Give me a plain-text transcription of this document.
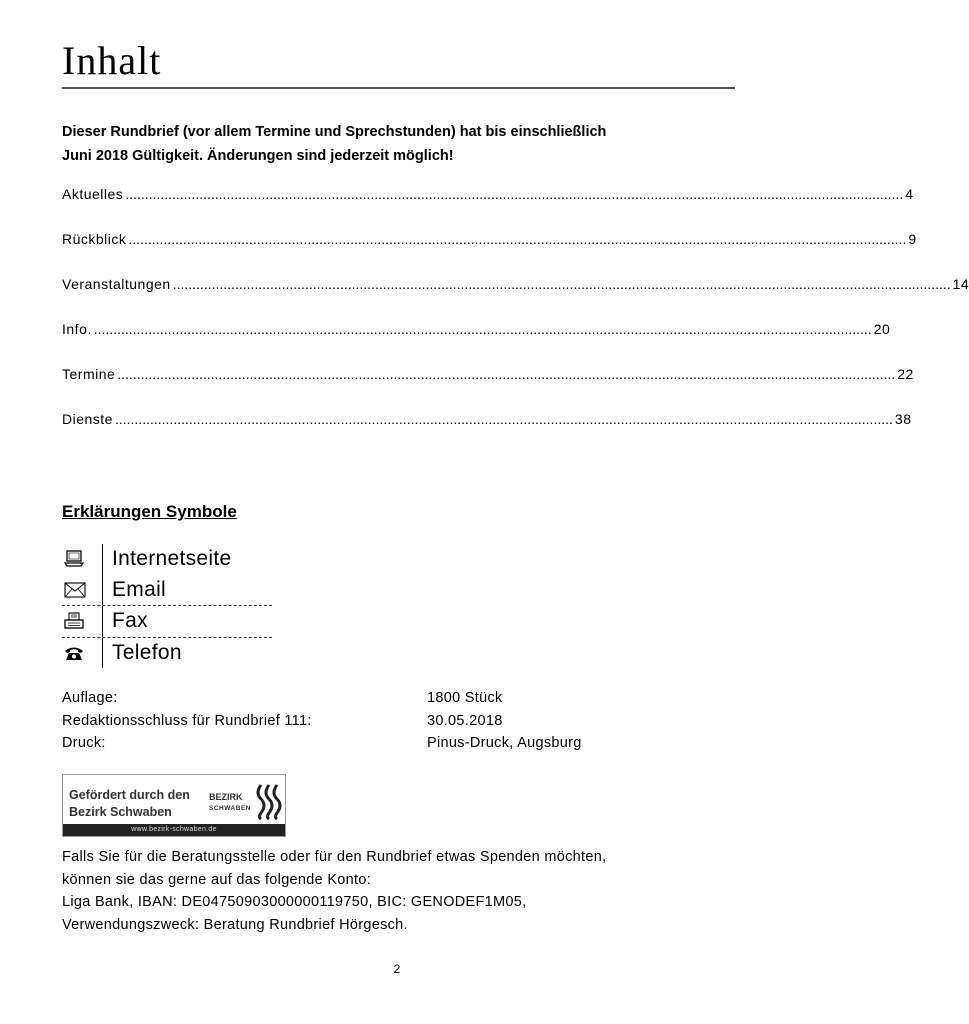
Inhalt
Dieser Rundbrief (vor allem Termine und Sprechstunden) hat bis einschließlich
Juni 2018 Gültigkeit. Änderungen sind jederzeit möglich!
Aktuelles ........................................................................................................................................................................................................ 4
Rückblick ........................................................................................................................................................................................................ 9
Veranstaltungen ........................................................................................................................................................................................................ 14
Info. ........................................................................................................................................................................................................ 20
Termine ........................................................................................................................................................................................................ 22
Dienste ........................................................................................................................................................................................................ 38
Erklärungen Symbole
Internetseite
Email
Fax
Telefon
Auflage:	1800 Stück
Redaktionsschluss für Rundbrief 111:	30.05.2018
Druck:	Pinus-Druck, Augsburg
Gefördert durch den
Bezirk Schwaben
BEZIRK
SCHWABEN
www.bezirk-schwaben.de

Falls Sie für die Beratungsstelle oder für den Rundbrief etwas Spenden möchten,

können sie das gerne auf das folgende Konto:

Liga Bank, IBAN: DE04750903000000119750, BIC: GENODEF1M05,

Verwendungszweck: Beratung Rundbrief Hörgesch.

2
